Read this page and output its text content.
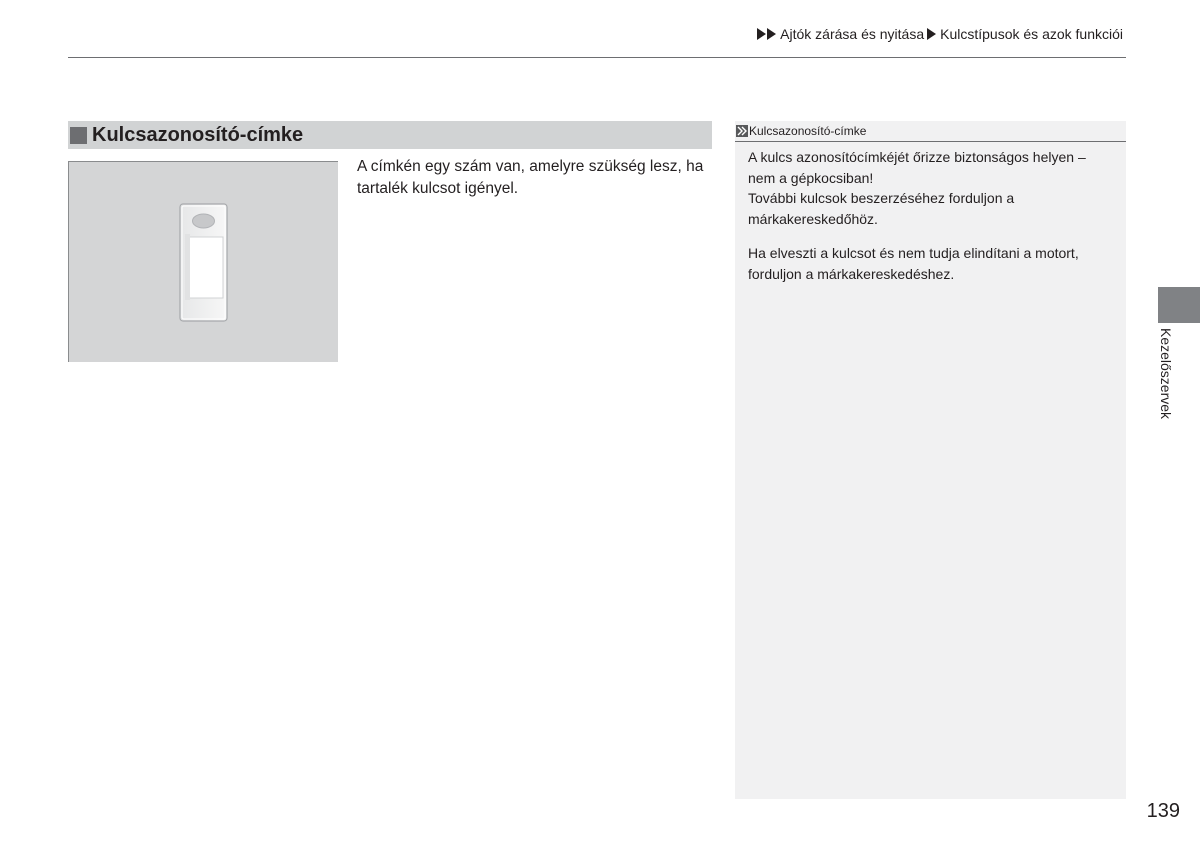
Ajtók zárása és nyitása Kulcstípusok és azok funkciói
Kulcsazonosító-címke

A címkén egy szám van, amelyre szükség lesz, ha tartalék kulcsot igényel.

Kulcsazonosító-címke

A kulcs azonosítócímkéjét őrizze biztonságos helyen – nem a gépkocsiban!
További kulcsok beszerzéséhez forduljon a márkakereskedőhöz.

Ha elveszti a kulcsot és nem tudja elindítani a motort, forduljon a márkakereskedéshez.

Kezelőszervek
139
